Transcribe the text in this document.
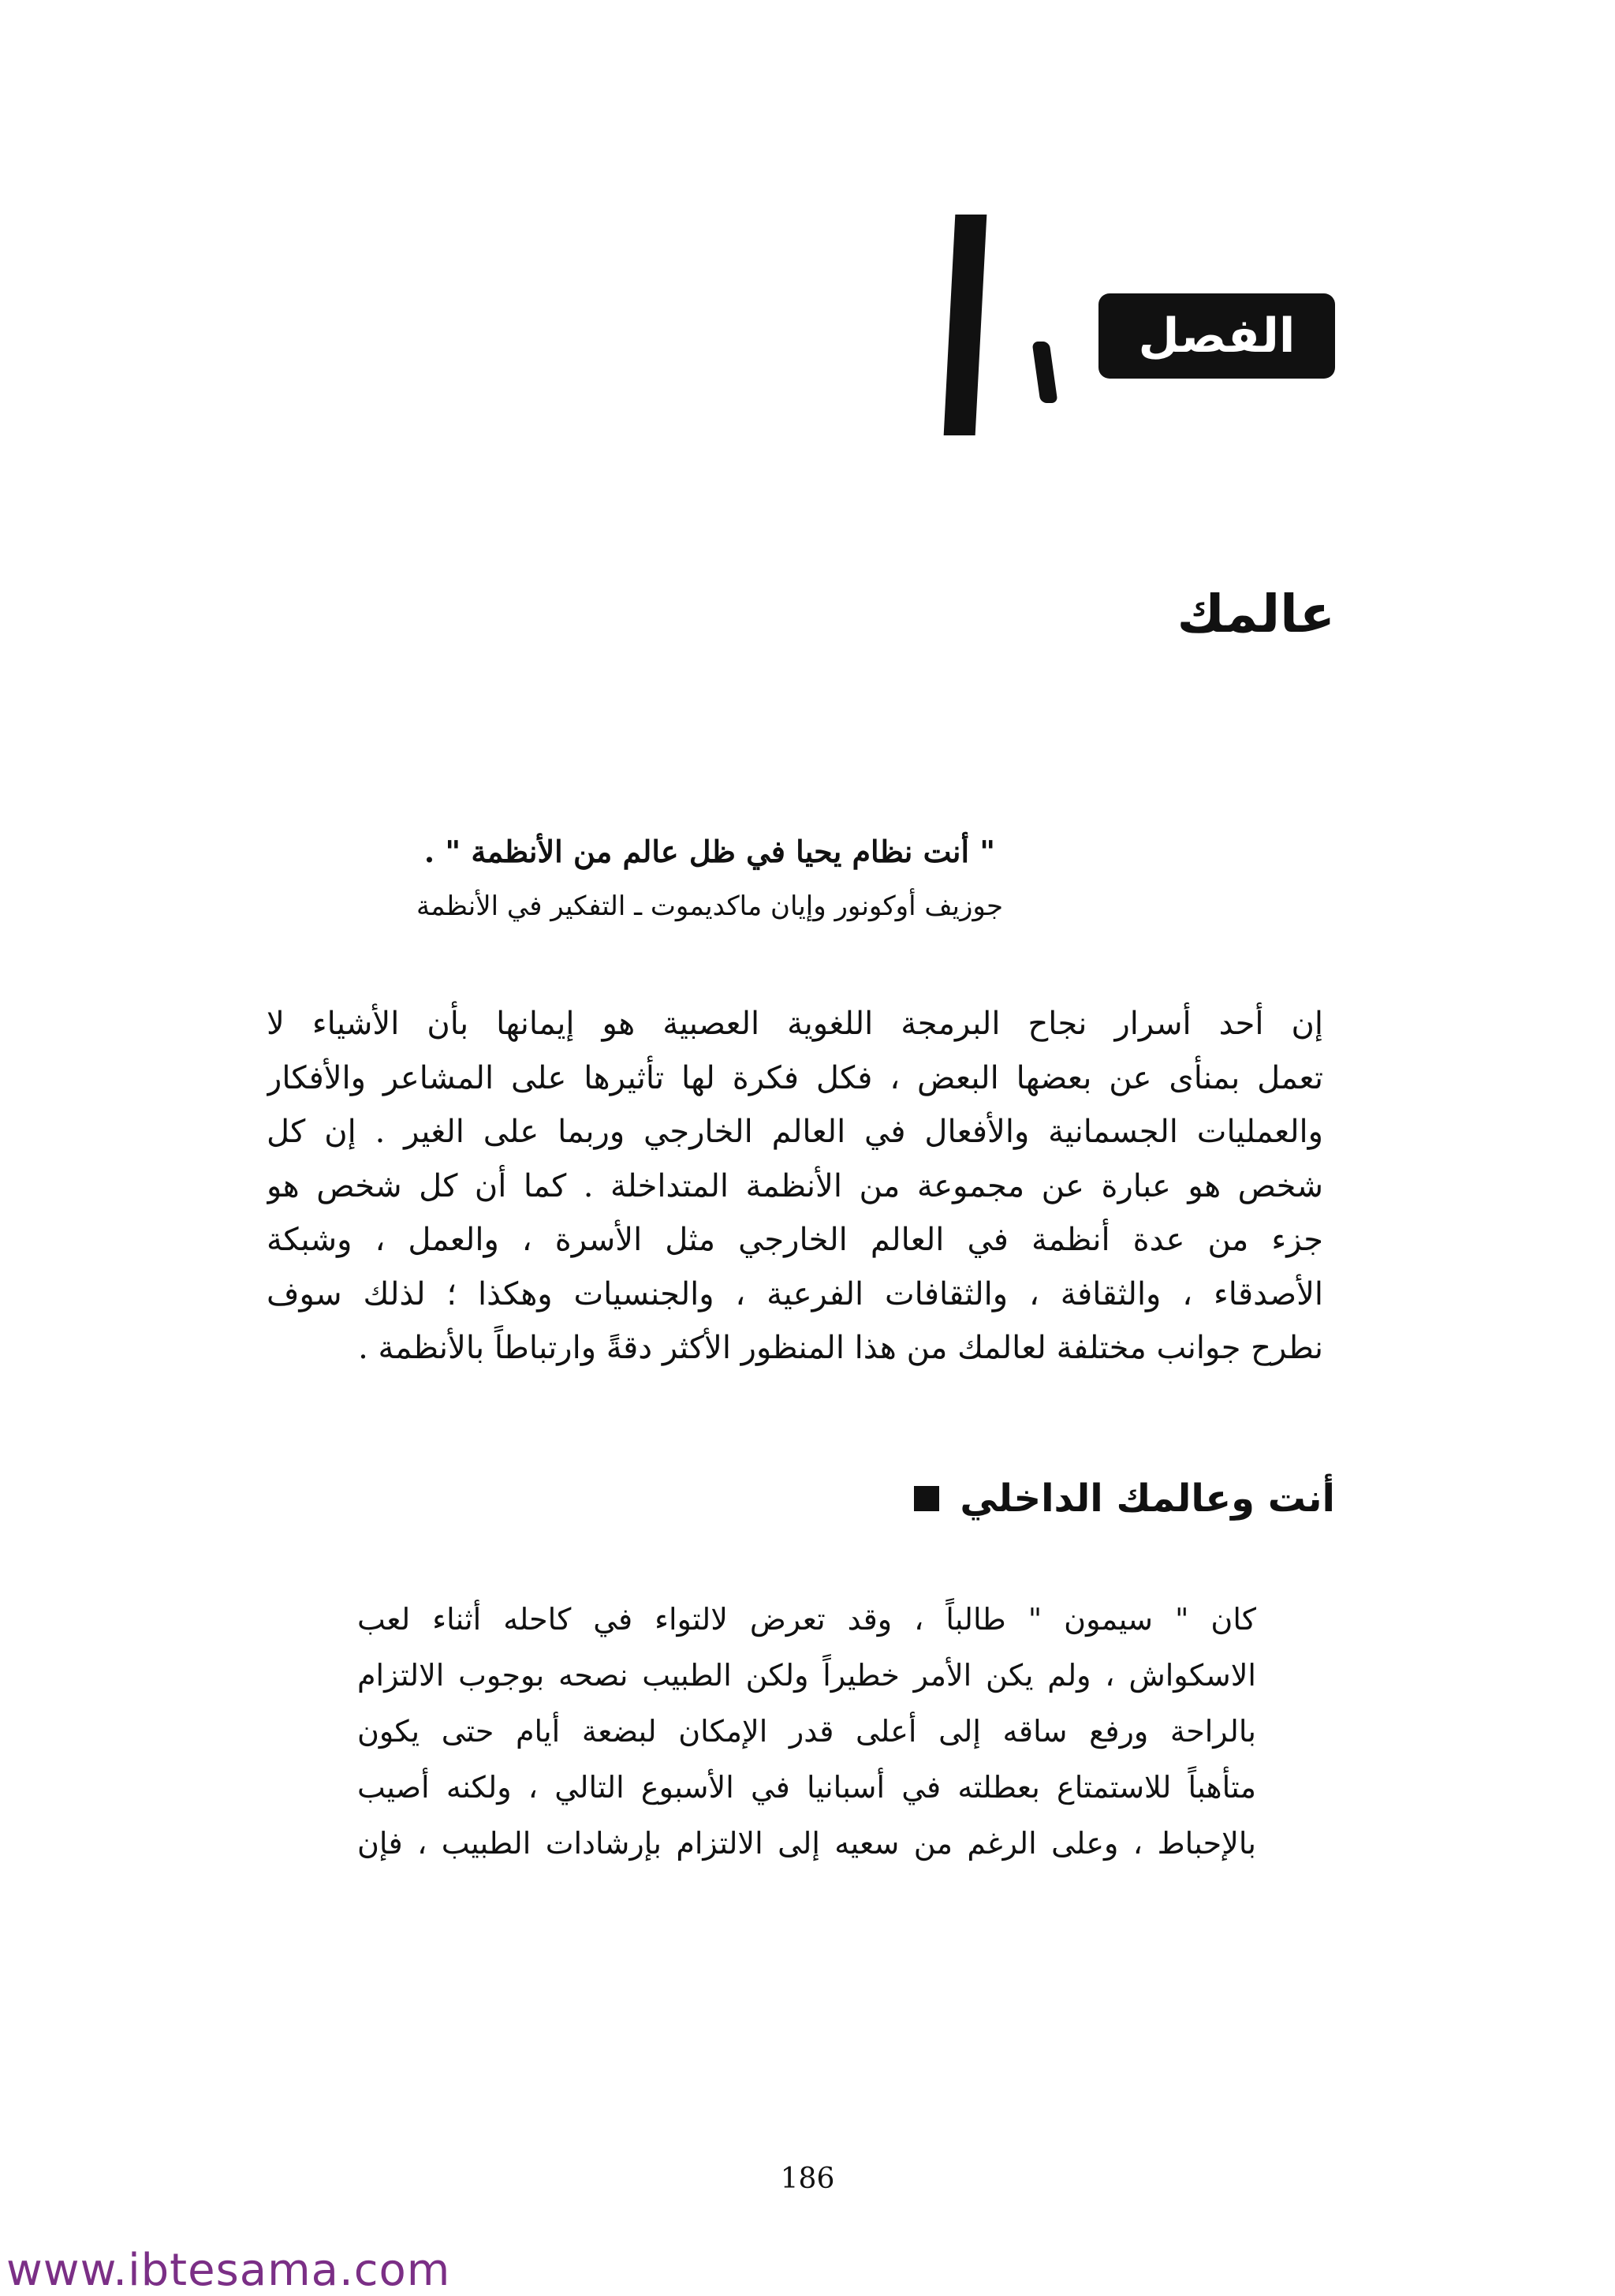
الفصل
عالمك
" أنت نظام يحيا في ظل عالم من الأنظمة " .
جوزيف أوكونور وإيان ماكديموت ـ التفكير في الأنظمة
إن أحد أسرار نجاح البرمجة اللغوية العصبية هو إيمانها بأن الأشياء لا
تعمل بمنأى عن بعضها البعض ، فكل فكرة لها تأثيرها على المشاعر والأفكار
والعمليات الجسمانية والأفعال في العالم الخارجي وربما على الغير . إن كل
شخص هو عبارة عن مجموعة من الأنظمة المتداخلة . كما أن كل شخص هو
جزء من عدة أنظمة في العالم الخارجي مثل الأسرة ، والعمل ، وشبكة
الأصدقاء ، والثقافة ، والثقافات الفرعية ، والجنسيات وهكذا ؛ لذلك سوف
نطرح جوانب مختلفة لعالمك من هذا المنظور الأكثر دقةً وارتباطاً بالأنظمة .
أنت وعالمك الداخلي
كان " سيمون " طالباً ، وقد تعرض لالتواء في كاحله أثناء لعب
الاسكواش ، ولم يكن الأمر خطيراً ولكن الطبيب نصحه بوجوب الالتزام
بالراحة ورفع ساقه إلى أعلى قدر الإمكان لبضعة أيام حتى يكون
متأهباً للاستمتاع بعطلته في أسبانيا في الأسبوع التالي ، ولكنه أصيب
بالإحباط ، وعلى الرغم من سعيه إلى الالتزام بإرشادات الطبيب ، فإن
186
www.ibtesama.com
